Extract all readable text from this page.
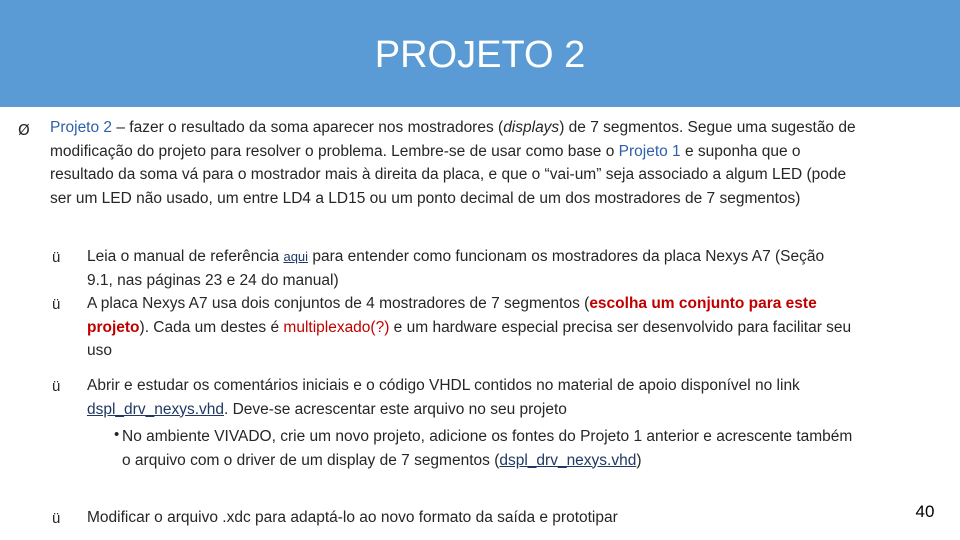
PROJETO 2
Ø Projeto 2 – fazer o resultado da soma aparecer nos mostradores (displays) de 7 segmentos. Segue uma sugestão de modificação do projeto para resolver o problema. Lembre-se de usar como base o Projeto 1 e suponha que o resultado da soma vá para o mostrador mais à direita da placa, e que o “vai-um” seja associado a algum LED (pode ser um LED não usado, um entre LD4 a LD15 ou um ponto decimal de um dos mostradores de 7 segmentos)
ü Leia o manual de referência aqui para entender como funcionam os mostradores da placa Nexys A7 (Seção 9.1, nas páginas 23 e 24 do manual)
ü A placa Nexys A7 usa dois conjuntos de 4 mostradores de 7 segmentos (escolha um conjunto para este projeto). Cada um destes é multiplexado(?) e um hardware especial precisa ser desenvolvido para facilitar seu uso
ü Abrir e estudar os comentários iniciais e o código VHDL contidos no material de apoio disponível no link dspl_drv_nexys.vhd. Deve-se acrescentar este arquivo no seu projeto
• No ambiente VIVADO, crie um novo projeto, adicione os fontes do Projeto 1 anterior e acrescente também o arquivo com o driver de um display de 7 segmentos (dspl_drv_nexys.vhd)
ü Modificar o arquivo .xdc para adaptá-lo ao novo formato da saída e prototipar	40
